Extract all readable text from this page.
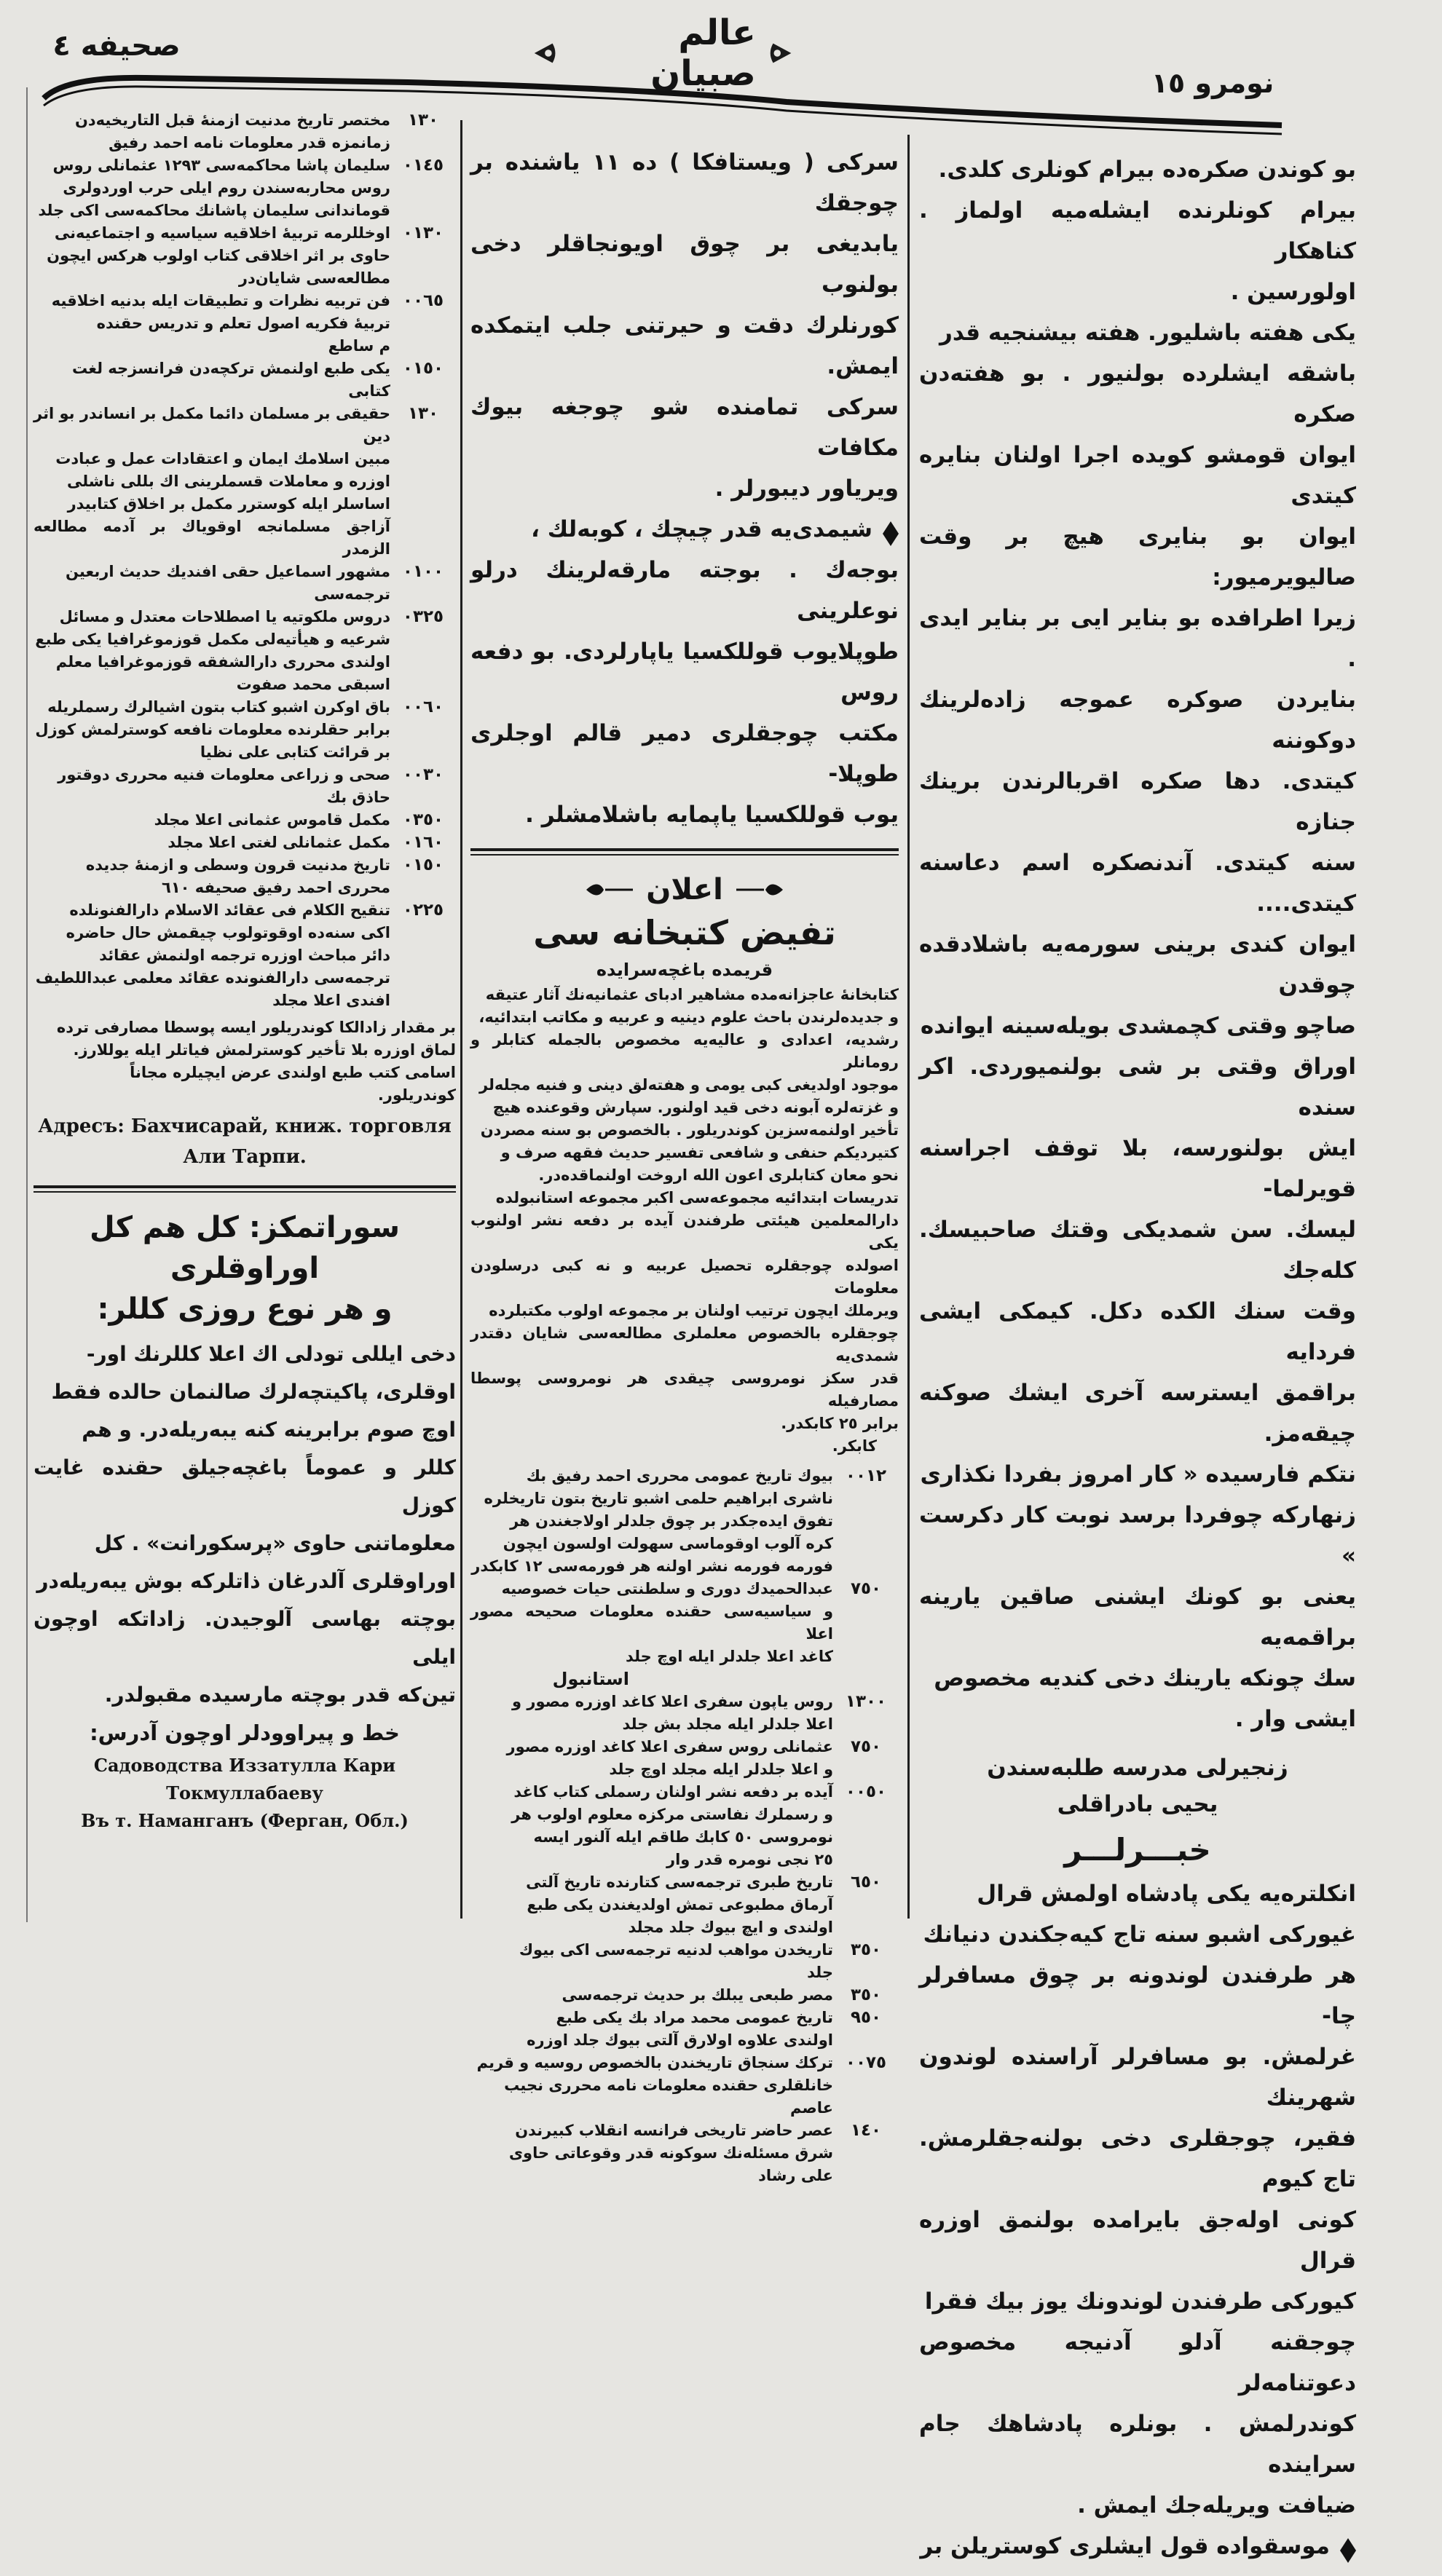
صحيفه ٤	عالم صبيان	نومرو ١٥
بو كوندن صكره‌ده بيرام كونلرى كلدى.
بيرام كونلرنده ايشله‌ميه اولماز . كناهكار
اولورسين .
يكى هفته باشليور. هفته بيشنجيه قدر
باشقه ايشلرده بولنيور . بو هفته‌دن صكره
ايوان قومشو كويده اجرا اولنان بنايره كيتدى
ايوان بو بنايرى هيچ بر وقت صاليويرميور:
زيرا اطرافده بو بناير ايى بر بناير ايدى .
بنايردن صوكره عموجه زاده‌لرينك دوكوننه
كيتدى. دها صكره اقربالرندن برينك جنازه
سنه كيتدى. آندنصكره اسم دعاسنه كيتدى....
ايوان كندى برينى سورمه‌يه باشلادقده چوقدن
صاچو وقتى كچمشدى بويله‌سينه ايوانده
اوراق وقتى بر شى بولنميوردى. اكر سنده
ايش بولنورسه، بلا توقف اجراسنه قويرلما-
ليسك. سن شمديكى وقتك صاحبيسك. كله‌جك
وقت سنك الكده دكل. كيمكى ايشى فردايه
براقمق ايسترسه آخرى ايشك صوكنه چيقه‌مز.
نتكم فارسيده « كار امروز بفردا نكذارى
زنهاركه چوفردا برسد نوبت كار دكرست »
يعنى بو كونك ايشنى صاقين يارينه براقمه‌يه
سك چونكه يارينك دخى كنديه مخصوص
ايشى وار .
زنجيرلى مدرسه طلبه‌سندن
يحيى بادراقلى
خبـــرلـــر
انكلتره‌يه يكى پادشاه اولمش قرال
غيوركى اشبو سنه تاج كيه‌جكندن دنيانك
هر طرفندن لوندونه بر چوق مسافرلر چا-
غرلمش. بو مسافرلر آراسنده لوندون شهرينك
فقير، چوجقلرى دخى بولنه‌جقلرمش. تاج كيوم
كونى اوله‌جق بايرامده بولنمق اوزره قرال
كيوركى طرفندن لوندونك يوز بيك فقرا
چوجقنه آدلو آدنيجه مخصوص دعوتنامه‌لر
كوندرلمش . بونلره پادشاهك جام سراينده
ضيافت ويريله‌جك ايمش .
موسقواده قول ايشلرى كوستريلن بر
سركى ( ويستافكا ) ده ١١ ياشنده بر چوجقك
يابديغى بر چوق اويونجاقلر دخى بولنوب
كورنلرك دقت و حيرتنى جلب ايتمكده ايمش.
سركى تمامنده شو چوجغه بيوك مكافات
ويرياور ديبورلر .
شيمدى‌يه قدر چيچك ، كوبه‌لك ،
بوجه‌ك . بوجته مارقه‌لرينك درلو نوعلرينى
طوپلايوب قوللكسيا ياپارلردى. بو دفعه روس
مكتب چوجقلرى دمير قالم اوجلرى طوپلا-
يوب قوللكسيا ياپمايه باشلامشلر .
اعلان
تفيض كتبخانه سى
قريمده باغچه‌سرايده
كتابخانهٔ عاجزانه‌مده مشاهير ادباى عثمانيه‌نك آثار عتيقه
و جديده‌لرندن باحث علوم دينيه و عربيه و مكاتب ابتدائيه،
رشديه، اعدادى و عاليه‌يه مخصوص بالجمله كتابلر و رومانلر
موجود اولديغى كبى يومى و هفته‌لق دينى و فنيه مجله‌لر
و غزته‌لره آبونه دخى قيد اولنور. سپارش وقوعنده هيچ
تأخير اولنمه‌سزين كوندريلور . بالخصوص بو سنه مصردن
كتيرديكم حنفى و شافعى تفسير حديث فقهه صرف و
نحو معان كتابلرى اعون الله اروخت اولنماقده‌در.
تدريسات ابتدائيه مجموعه‌سى اكبر مجموعه استانبولده
دارالمعلمين هيئتى طرفندن آيده بر دفعه نشر اولنوب يكى
اصولده چوجقلره تحصيل عربيه و نه كبى درسلودن معلومات
ويرملك ايچون ترتيب اولنان بر مجموعه اولوب مكتبلرده
چوجقلره بالخصوص معلملرى مطالعه‌سى شايان دقتدر شمدى‌يه
قدر سكز نومروسى چيقدى هر نومروسى پوسطا مصارفيله
برابر ٢٥ كابكدر.
كابكر.
٠٠١٢
بيوك تاريخ عمومى محررى احمد رفيق بك
ناشرى ابراهيم حلمى اشبو تاريخ بتون تاريخلره
تفوق ايده‌جكدر بر چوق جلدلر اولاجغندن هر
كره آلوب اوقوماسى سهولت اولسون ايچون
فورمه فورمه نشر اولنه هر فورمه‌سى ١٢ كابكدر
٧٥٠
عبدالحميدك دورى و سلطنتى حيات خصوصيه
و سياسيه‌سى حقنده معلومات صحيحه مصور اعلا
كاغد اعلا جلدلر ايله اوچ جلد
استانبول
١٣٠٠
روس ياپون سفرى اعلا كاغد اوزره مصور و
اعلا جلدلر ايله مجلد بش جلد
٧٥٠
عثمانلى روس سفرى اعلا كاغد اوزره مصور
و اعلا جلدلر ايله مجلد اوچ جلد
٠٠٥٠
آيده بر دفعه نشر اولنان رسملى كتاب كاغد
و رسملرك نفاستى مركزه معلوم اولوب هر
نومروسى ٥٠ كابك طاقم ايله آلنور ايسه
٢٥ نجى نومره قدر وار
٦٥٠
تاريخ طبرى ترجمه‌سى كتارنده تاريخ آلتى
آرماق مطبوعى تمش اولديغندن يكى طبع
اولندى و ايچ بيوك جلد مجلد
٣٥٠
تاريخدن مواهب لدنيه ترجمه‌سى اكى بيوك
جلد
٣٥٠
مصر طبعى يبلك بر حديث ترجمه‌سى
٩٥٠
تاريخ عمومى محمد مراد بك يكى طبع
اولندى علاوه اولارق آلتى بيوك جلد اوزره
٠٠٧٥
تركك سنجاق تاريخندن بالخصوص روسيه و قريم
خانلقلرى حقنده معلومات نامه محررى نجيب
عاصم
١٤٠
عصر حاضر تاريخى فرانسه انقلاب كبيرندن
شرق مسئله‌نك سوكونه قدر وقوعاتى حاوى
على رشاد
١٣٠
مختصر تاريخ مدنيت ازمنهٔ قبل التاريخيه‌دن
زمانمزه قدر معلومات نامه احمد رفيق
٠١٤٥
سليمان پاشا محاكمه‌سى ١٢٩٣ عثمانلى روس
روس محاربه‌سندن روم ايلى حرب اوردولرى
قوماندانى سليمان پاشانك محاكمه‌سى اكى جلد
٠١٣٠
اوخللرمه تربيهٔ اخلاقيه سياسيه و اجتماعيه‌نى
حاوى بر اثر اخلاقى كتاب اولوب هركس ايچون
مطالعه‌سى شايان‌در
٠٠٦٥
فن تربيه نظرات و تطبيقات ايله بدنيه اخلاقيه
تربيهٔ فكريه اصول تعلم و تدريس حقنده
م ساطع
٠١٥٠
يكى طبع اولنمش تركچه‌دن فرانسزجه لغت
كتابى
١٣٠
حقيقى بر مسلمان دائما مكمل بر انساندر بو اثر دين
مبين اسلامك ايمان و اعتقادات عمل و عبادت
اوزره و معاملات قسملرينى اك بللى ناشلى
اساسلر ايله كوسترر مكمل بر اخلاق كتابيدر
آزاجق مسلمانجه اوقوياك بر آدمه مطالعه الزمدر
٠١٠٠
مشهور اسماعيل حقى افنديك حديث اربعين
ترجمه‌سى
٠٣٢٥
دروس ملكوتيه يا اصطلاحات معتدل و مسائل
شرعيه و هيأتيه‌لى مكمل قوزموغرافيا يكى طبع
اولندى محررى دارالشفقه قوزموغرافيا معلم
اسبقى محمد صفوت
٠٠٦٠
باق اوكرن اشبو كتاب بتون اشيالرك رسملريله
برابر حقلرنده معلومات نافعه كوسترلمش كوزل
بر قرائت كتابى على نظيا
٠٠٣٠
صحى و زراعى معلومات فنيه محررى دوقتور
حاذق بك
٠٣٥٠
مكمل قاموس عثمانى اعلا مجلد
٠١٦٠
مكمل عثمانلى لغتى اعلا مجلد
٠١٥٠
تاريخ مدنيت قرون وسطى و ازمنهٔ جديده
محررى احمد رفيق صحيفه ٦١٠
٠٢٢٥
تنقيح الكلام فى عقائد الاسلام دارالفنونلده
اكى سنه‌ده اوقوتولوب چيقمش حال حاضره
دائر مباحث اوزره ترجمه اولنمش عقائد
ترجمه‌سى دارالفنونده عقائد معلمى عبداللطيف
افندى اعلا مجلد
بر مقدار زادالكا كوندريلور ايسه پوسطا مصارفى ترده
لماق اوزره بلا تأخير كوسترلمش فياتلر ايله يوللارز.
اسامى كتب طبع اولندى عرض ايچيلره مجاناً
كوندريلور.
Адресъ: Бахчисарай, книж. торговля
Али Тарпи.
سوراتمكز: كل هم كل اوراوقلرى
و هر نوع روزى كللر:
دخى ايللى تودلى اك اعلا كللرنك اور-
اوقلرى، پاكيتچه‌لرك صالنمان حالده فقط
اوچ صوم برابرينه كنه يبه‌ريله‌در. و هم
كللر و عموماً باغچه‌جيلق حقنده غايت كوزل
معلوماتنى حاوى «پرسكورانت» . كل
اوراوقلرى آلدرغان ذاتلركه بوش يبه‌ريله‌در
بوچته بهاسى آلوجيدن. زاداتكه اوچون ايلى
تين‌كه قدر بوچته مارسيده مقبولدر.
خط و پيراوودلر اوچون آدرس:
Садоводства Иззатулла Кари Токмуллабаеву
Въ т. Наманганъ (Ферган, Обл.)
